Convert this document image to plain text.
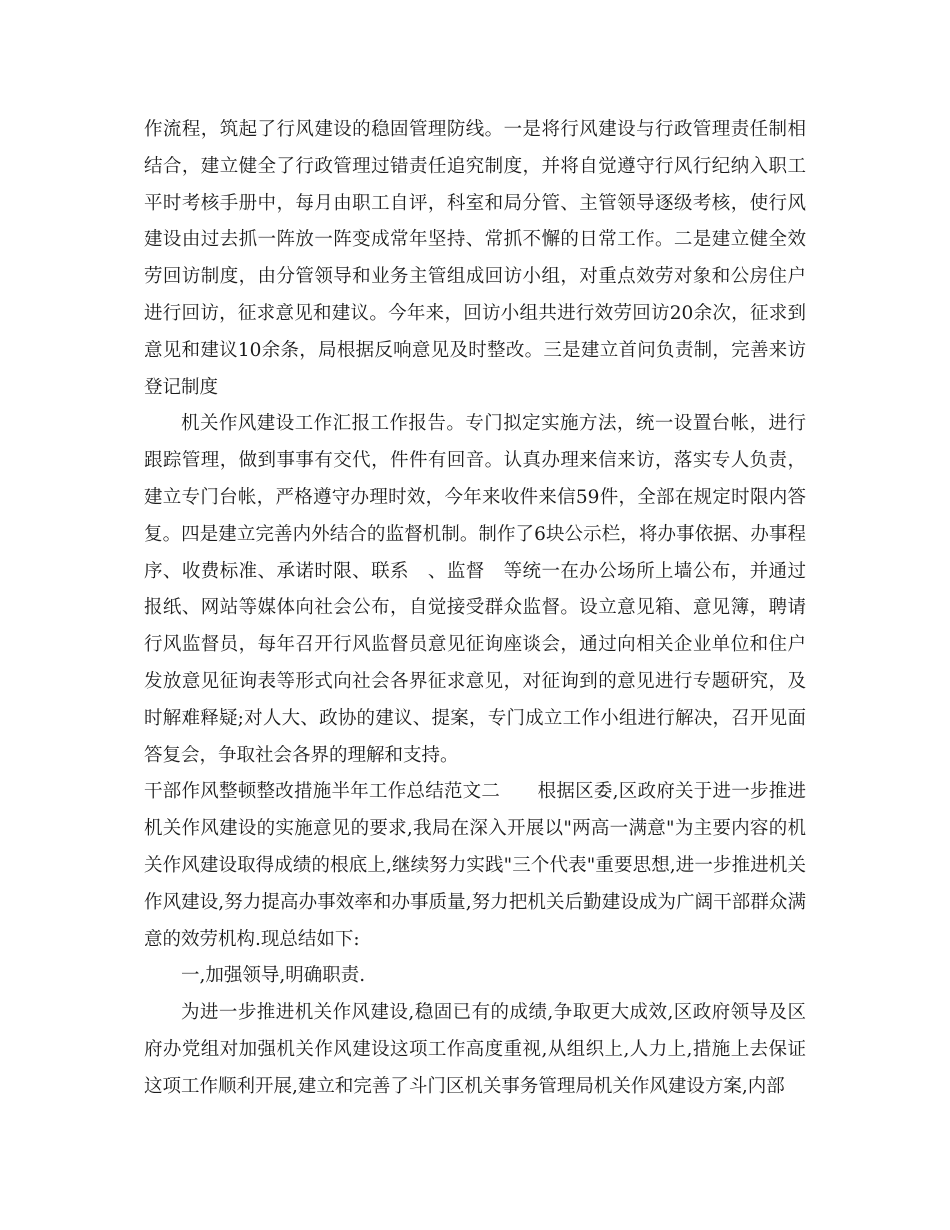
作流程，筑起了行风建设的稳固管理防线。一是将行风建设与行政管理责任制相结合，建立健全了行政管理过错责任追究制度，并将自觉遵守行风行纪纳入职工平时考核手册中，每月由职工自评，科室和局分管、主管领导逐级考核，使行风建设由过去抓一阵放一阵变成常年坚持、常抓不懈的日常工作。二是建立健全效劳回访制度，由分管领导和业务主管组成回访小组，对重点效劳对象和公房住户进行回访，征求意见和建议。今年来，回访小组共进行效劳回访20余次，征求到意见和建议10余条，局根据反响意见及时整改。三是建立首问负责制，完善来访登记制度

机关作风建设工作汇报工作报告。专门拟定实施方法，统一设置台帐，进行跟踪管理，做到事事有交代，件件有回音。认真办理来信来访，落实专人负责，建立专门台帐，严格遵守办理时效，今年来收件来信59件，全部在规定时限内答复。四是建立完善内外结合的监督机制。制作了6块公示栏，将办事依据、办事程序、收费标准、承诺时限、联系　、监督　等统一在办公场所上墙公布，并通过报纸、网站等媒体向社会公布，自觉接受群众监督。设立意见箱、意见簿，聘请行风监督员，每年召开行风监督员意见征询座谈会，通过向相关企业单位和住户发放意见征询表等形式向社会各界征求意见，对征询到的意见进行专题研究，及时解难释疑;对人大、政协的建议、提案，专门成立工作小组进行解决，召开见面答复会，争取社会各界的理解和支持。

干部作风整顿整改措施半年工作总结范文二　　根据区委,区政府关于进一步推进机关作风建设的实施意见的要求,我局在深入开展以"两高一满意"为主要内容的机关作风建设取得成绩的根底上,继续努力实践"三个代表"重要思想,进一步推进机关作风建设,努力提高办事效率和办事质量,努力把机关后勤建设成为广阔干部群众满意的效劳机构.现总结如下:

一,加强领导,明确职责.

为进一步推进机关作风建设,稳固已有的成绩,争取更大成效,区政府领导及区府办党组对加强机关作风建设这项工作高度重视,从组织上,人力上,措施上去保证这项工作顺利开展,建立和完善了斗门区机关事务管理局机关作风建设方案,内部
